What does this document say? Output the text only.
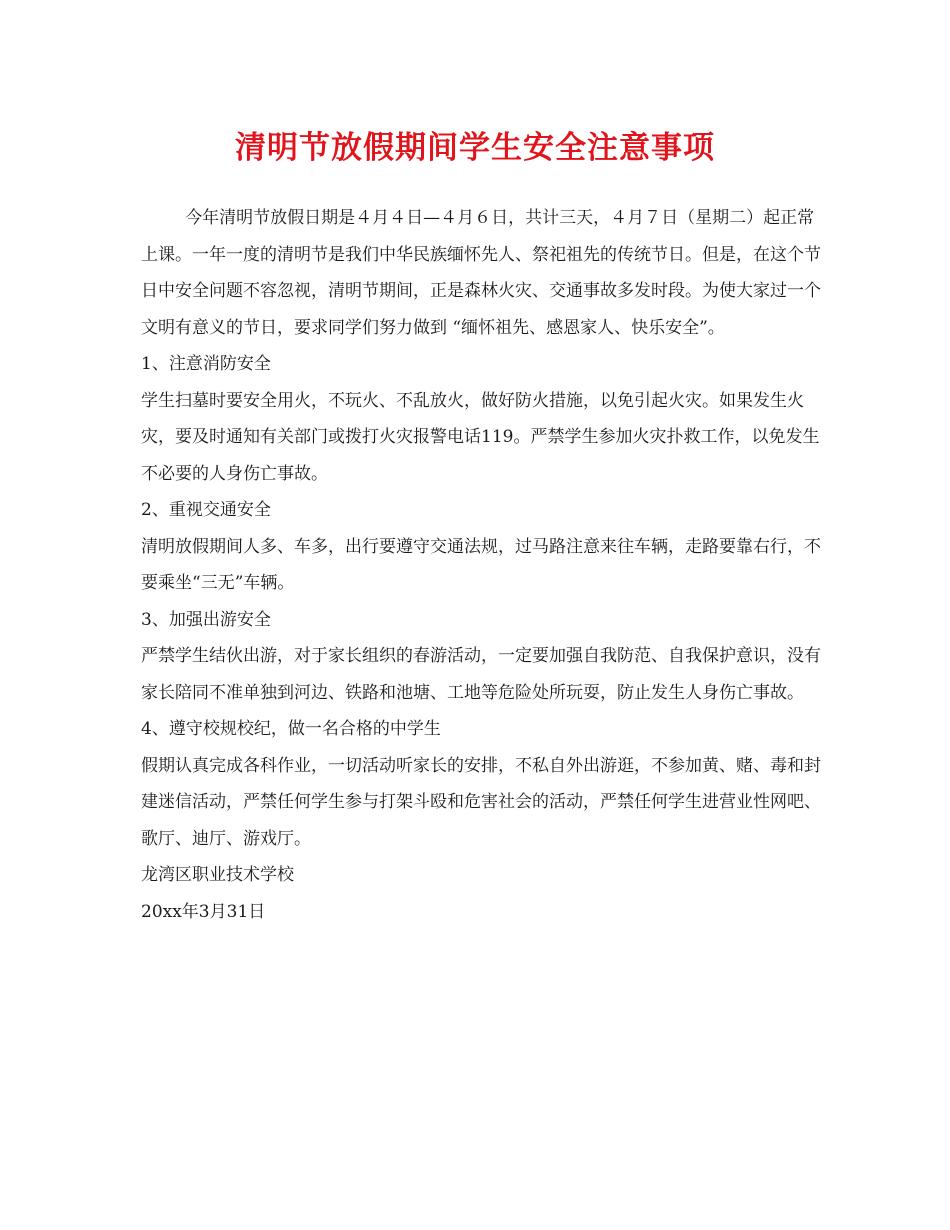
清明节放假期间学生安全注意事项

今年清明节放假日期是４月４日—４月６日，共计三天，４月７日（星期二）起正常上课。一年一度的清明节是我们中华民族缅怀先人、祭祀祖先的传统节日。但是，在这个节日中安全问题不容忽视，清明节期间，正是森林火灾、交通事故多发时段。为使大家过一个文明有意义的节日，要求同学们努力做到 “缅怀祖先、感恩家人、快乐安全”。

1、注意消防安全

学生扫墓时要安全用火，不玩火、不乱放火，做好防火措施，以免引起火灾。如果发生火灾，要及时通知有关部门或拨打火灾报警电话119。严禁学生参加火灾扑救工作，以免发生不必要的人身伤亡事故。

2、重视交通安全

清明放假期间人多、车多，出行要遵守交通法规，过马路注意来往车辆，走路要靠右行，不要乘坐“三无”车辆。

3、加强出游安全

严禁学生结伙出游，对于家长组织的春游活动，一定要加强自我防范、自我保护意识，没有家长陪同不准单独到河边、铁路和池塘、工地等危险处所玩耍，防止发生人身伤亡事故。

4、遵守校规校纪，做一名合格的中学生

假期认真完成各科作业，一切活动听家长的安排，不私自外出游逛，不参加黄、赌、毒和封建迷信活动，严禁任何学生参与打架斗殴和危害社会的活动，严禁任何学生进营业性网吧、歌厅、迪厅、游戏厅。

龙湾区职业技术学校

20xx年3月31日
